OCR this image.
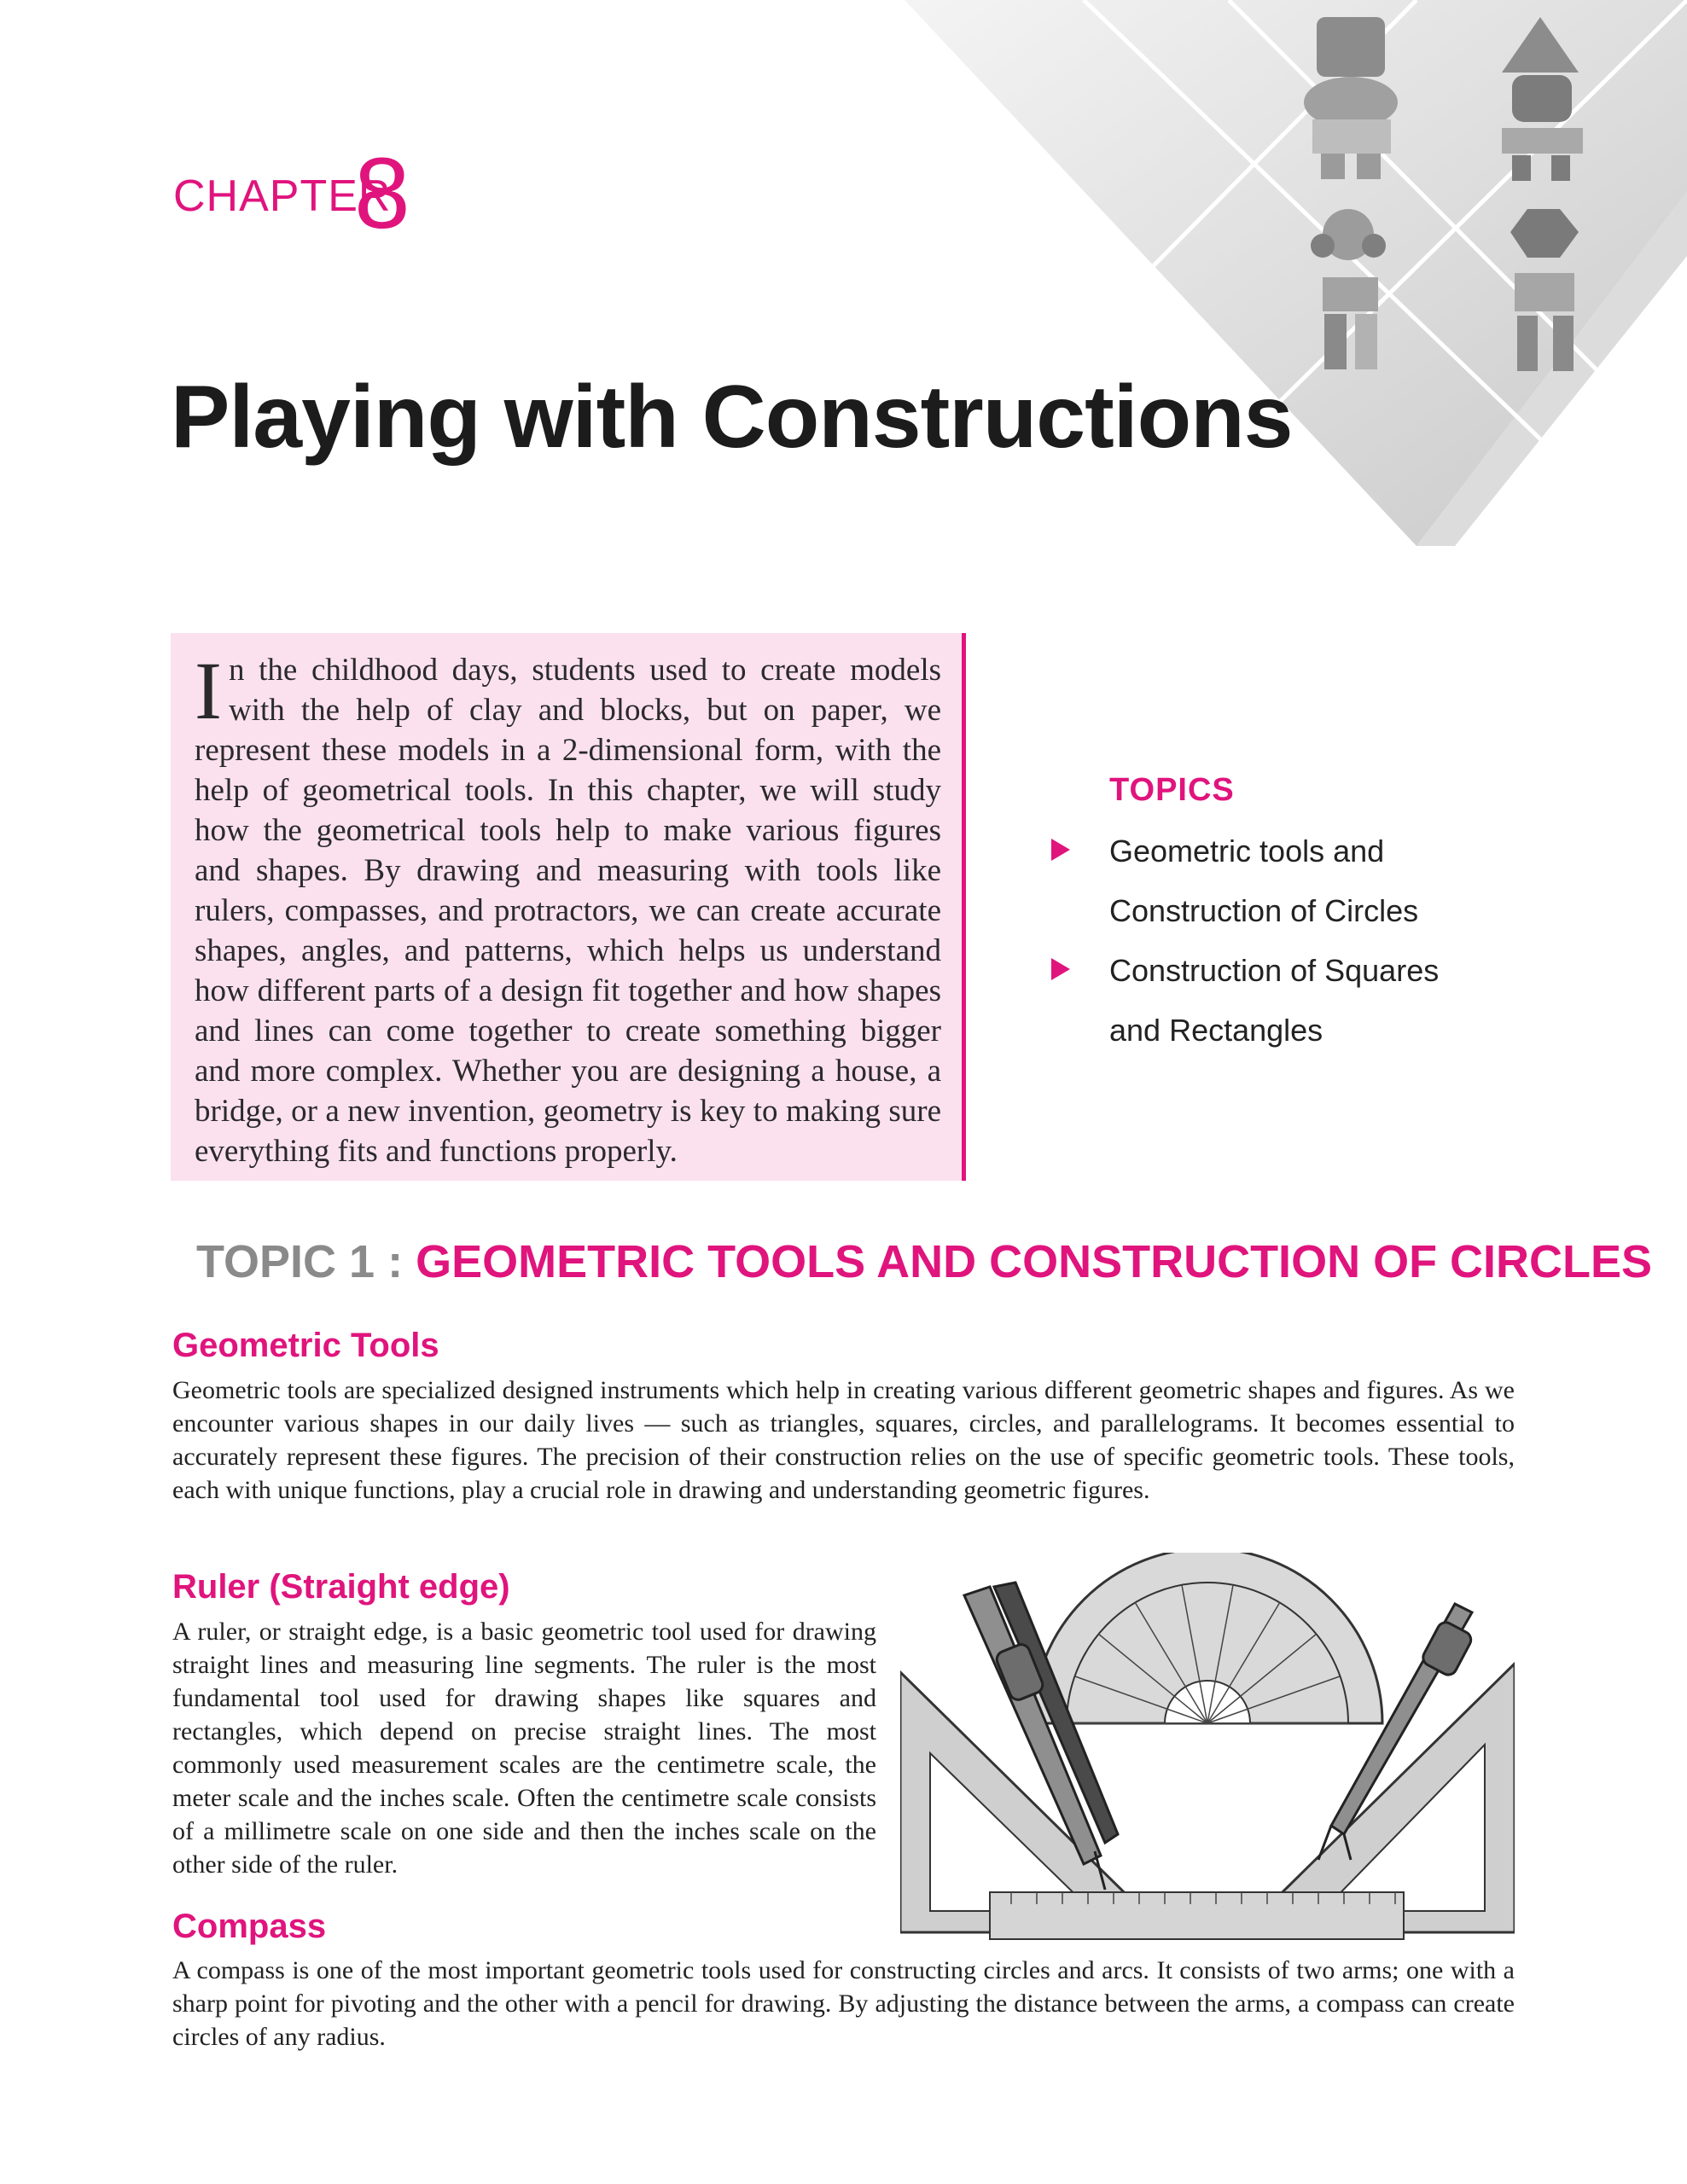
CHAPTER
8
Playing with Constructions

In the childhood days, students used to create models with the help of clay and blocks, but on paper, we represent these models in a 2-dimensional form, with the help of geometrical tools. In this chapter, we will study how the geometrical tools help to make various figures and shapes. By drawing and measuring with tools like rulers, compasses, and protractors, we can create accurate shapes, angles, and patterns, which helps us understand how different parts of a design fit together and how shapes and lines can come together to create something bigger and more complex. Whether you are designing a house, a bridge, or a new invention, geometry is key to making sure everything fits and functions properly.

TOPICS
Geometric tools and
Construction of Circles
Construction of Squares
and Rectangles
TOPIC 1 : GEOMETRIC TOOLS AND CONSTRUCTION OF CIRCLES
Geometric Tools

Geometric tools are specialized designed instruments which help in creating various different geometric shapes and figures. As we encounter various shapes in our daily lives — such as triangles, squares, circles, and parallelograms. It becomes essential to accurately represent these figures. The precision of their construction relies on the use of specific geometric tools. These tools, each with unique functions, play a crucial role in drawing and understanding geometric figures.

Ruler (Straight edge)

A ruler, or straight edge, is a basic geometric tool used for drawing straight lines and measuring line segments. The ruler is the most fundamental tool used for drawing shapes like squares and rectangles, which depend on precise straight lines. The most commonly used measurement scales are the centimetre scale, the meter scale and the inches scale. Often the centimetre scale consists of a millimetre scale on one side and then the inches scale on the other side of the ruler.

Compass

A compass is one of the most important geometric tools used for constructing circles and arcs. It consists of two arms; one with a sharp point for pivoting and the other with a pencil for drawing. By adjusting the distance between the arms, a compass can create circles of any radius.
